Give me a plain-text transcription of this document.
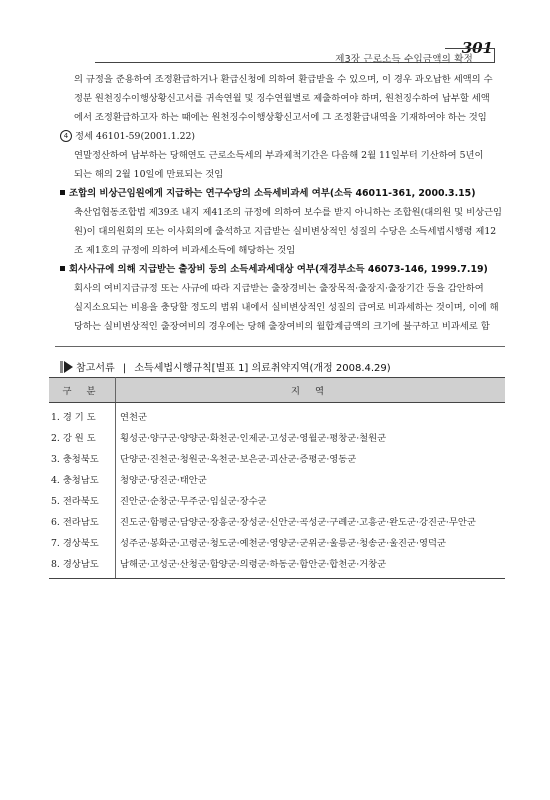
제3장 근로소득 수입금액의 확정
301
의 규정을 준용하여 조정환급하거나 환급신청에 의하여 환급받을 수 있으며, 이 경우 과오납한 세액의 수
정분 원천징수이행상황신고서를 귀속연월 및 징수연월별로 제출하여야 하며, 원천징수하여 납부할 세액
에서 조정환급하고자 하는 때에는 원천징수이행상황신고서에 그 조정환급내역을 기재하여야 하는 것임
4 정세 46101-59(2001.1.22)
연말정산하여 납부하는 당해연도 근로소득세의 부과제척기간은 다음해 2월 11일부터 기산하여 5년이
되는 해의 2월 10일에 만료되는 것임
조합의 비상근임원에게 지급하는 연구수당의 소득세비과세 여부(소득 46011-361, 2000.3.15)
축산업협동조합법 제39조 내지 제41조의 규정에 의하여 보수를 받지 아니하는 조합원(대의원 및 비상근임
원)이 대의원회의 또는 이사회의에 출석하고 지급받는 실비변상적인 성질의 수당은 소득세법시행령 제12
조 제1호의 규정에 의하여 비과세소득에 해당하는 것임
회사사규에 의해 지급받는 출장비 등의 소득세과세대상 여부(재경부소득 46073-146, 1999.7.19)
회사의 여비지급규정 또는 사규에 따라 지급받는 출장경비는 출장목적·출장지·출장기간 등을 감안하여
실지소요되는 비용을 충당할 정도의 범위 내에서 실비변상적인 성질의 급여로 비과세하는 것이며, 이에 해
당하는 실비변상적인 출장여비의 경우에는 당해 출장여비의 월합계금액의 크기에 불구하고 비과세로 함
참고서류 | 소득세법시행규칙[별표 1] 의료취약지역(개정 2008.4.29)
구 분	지 역
1. 경 기 도	연천군
2. 강 원 도	횡성군·양구군·양양군·화천군·인제군·고성군·영월군·평창군·철원군
3. 충청북도	단양군·진천군·청원군·옥천군·보은군·괴산군·증평군·영동군
4. 충청남도	청양군·당진군·태안군
5. 전라북도	진안군·순창군·무주군·임실군·장수군
6. 전라남도	진도군·함평군·담양군·장흥군·장성군·신안군·곡성군·구례군·고흥군·완도군·강진군·무안군
7. 경상북도	성주군·봉화군·고령군·청도군·예천군·영양군·군위군·울릉군·청송군·울진군·영덕군
8. 경상남도	남해군·고성군·산청군·함양군·의령군·하동군·함안군·합천군·거창군
